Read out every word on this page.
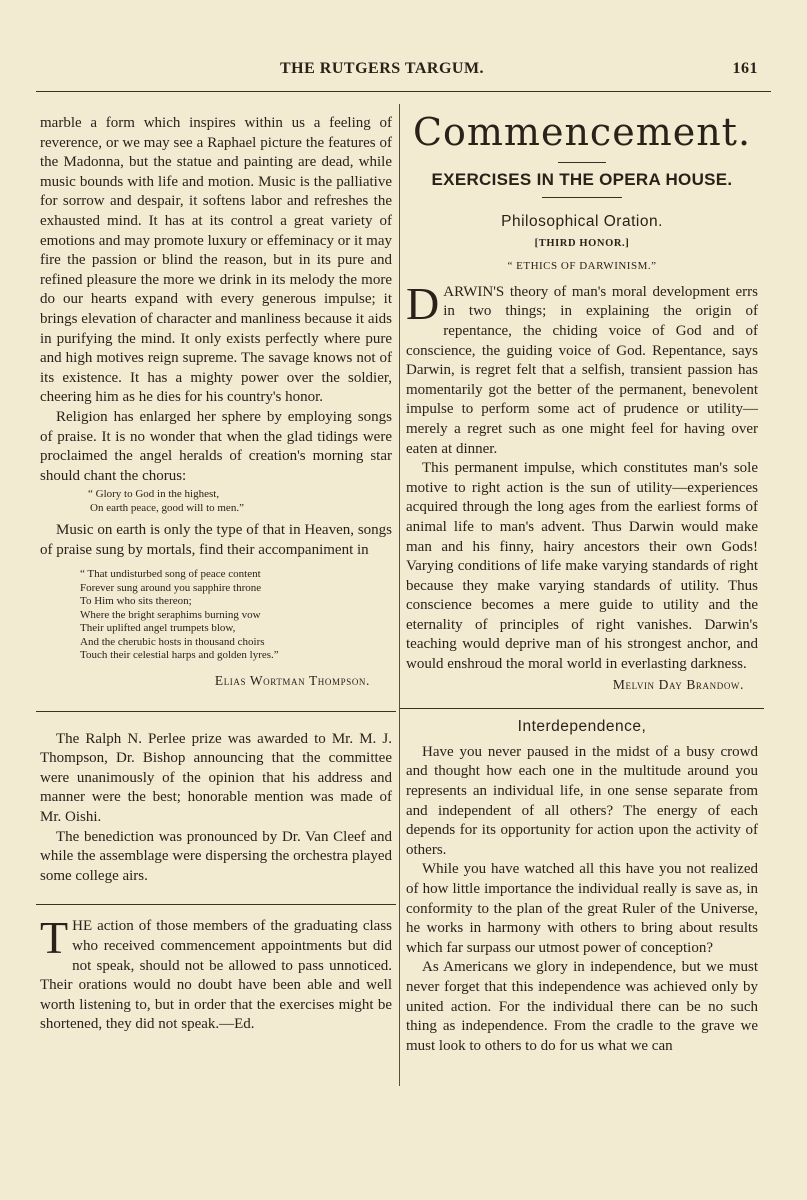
THE RUTGERS TARGUM.	161

marble a form which inspires within us a feeling of reverence, or we may see a Raphael picture the features of the Madonna, but the statue and painting are dead, while music bounds with life and motion. Music is the palliative for sorrow and despair, it softens labor and refreshes the exhausted mind. It has at its control a great variety of emotions and may promote luxury or effeminacy or it may fire the passion or blind the reason, but in its pure and refined pleasure the more we drink in its melody the more do our hearts expand with every generous impulse; it brings elevation of character and manliness because it aids in purifying the mind. It only exists perfectly where pure and high motives reign supreme. The savage knows not of its existence. It has a mighty power over the soldier, cheering him as he dies for his country's honor.

Religion has enlarged her sphere by employing songs of praise. It is no wonder that when the glad tidings were proclaimed the angel heralds of creation's morning star should chant the chorus:

“ Glory to God in the highest,
On earth peace, good will to men.”

Music on earth is only the type of that in Heaven, songs of praise sung by mortals, find their accompaniment in

“ That undisturbed song of peace content
Forever sung around you sapphire throne
To Him who sits thereon;
Where the bright seraphims burning vow
Their uplifted angel trumpets blow,
And the cherubic hosts in thousand choirs
Touch their celestial harps and golden lyres.”
Elias Wortman Thompson.

The Ralph N. Perlee prize was awarded to Mr. M. J. Thompson, Dr. Bishop announcing that the committee were unanimously of the opinion that his address and manner were the best; honorable mention was made of Mr. Oishi.

The benediction was pronounced by Dr. Van Cleef and while the assemblage were dispersing the orchestra played some college airs.

THE action of those members of the graduating class who received commencement appointments but did not speak, should not be allowed to pass unnoticed. Their orations would no doubt have been able and well worth listening to, but in order that the exercises might be shortened, they did not speak.—Ed.

Commencement.
EXERCISES IN THE OPERA HOUSE.
Philosophical Oration.
[THIRD HONOR.]
“ ETHICS OF DARWINISM.”

DARWIN'S theory of man's moral development errs in two things; in explaining the origin of repentance, the chiding voice of God and of conscience, the guiding voice of God. Repentance, says Darwin, is regret felt that a selfish, transient passion has momentarily got the better of the permanent, benevolent impulse to perform some act of prudence or utility—merely a regret such as one might feel for having over eaten at dinner.

This permanent impulse, which constitutes man's sole motive to right action is the sun of utility—experiences acquired through the long ages from the earliest forms of animal life to man's advent. Thus Darwin would make man and his finny, hairy ancestors their own Gods! Varying conditions of life make varying standards of right because they make varying standards of utility. Thus conscience becomes a mere guide to utility and the eternality of principles of right vanishes. Darwin's teaching would deprive man of his strongest anchor, and would enshroud the moral world in everlasting darkness.

Melvin Day Brandow.
Interdependence,

Have you never paused in the midst of a busy crowd and thought how each one in the multitude around you represents an individual life, in one sense separate from and independent of all others? The energy of each depends for its opportunity for action upon the activity of others.

While you have watched all this have you not realized of how little importance the individual really is save as, in conformity to the plan of the great Ruler of the Universe, he works in harmony with others to bring about results which far surpass our utmost power of conception?

As Americans we glory in independence, but we must never forget that this independence was achieved only by united action. For the individual there can be no such thing as independence. From the cradle to the grave we must look to others to do for us what we can
